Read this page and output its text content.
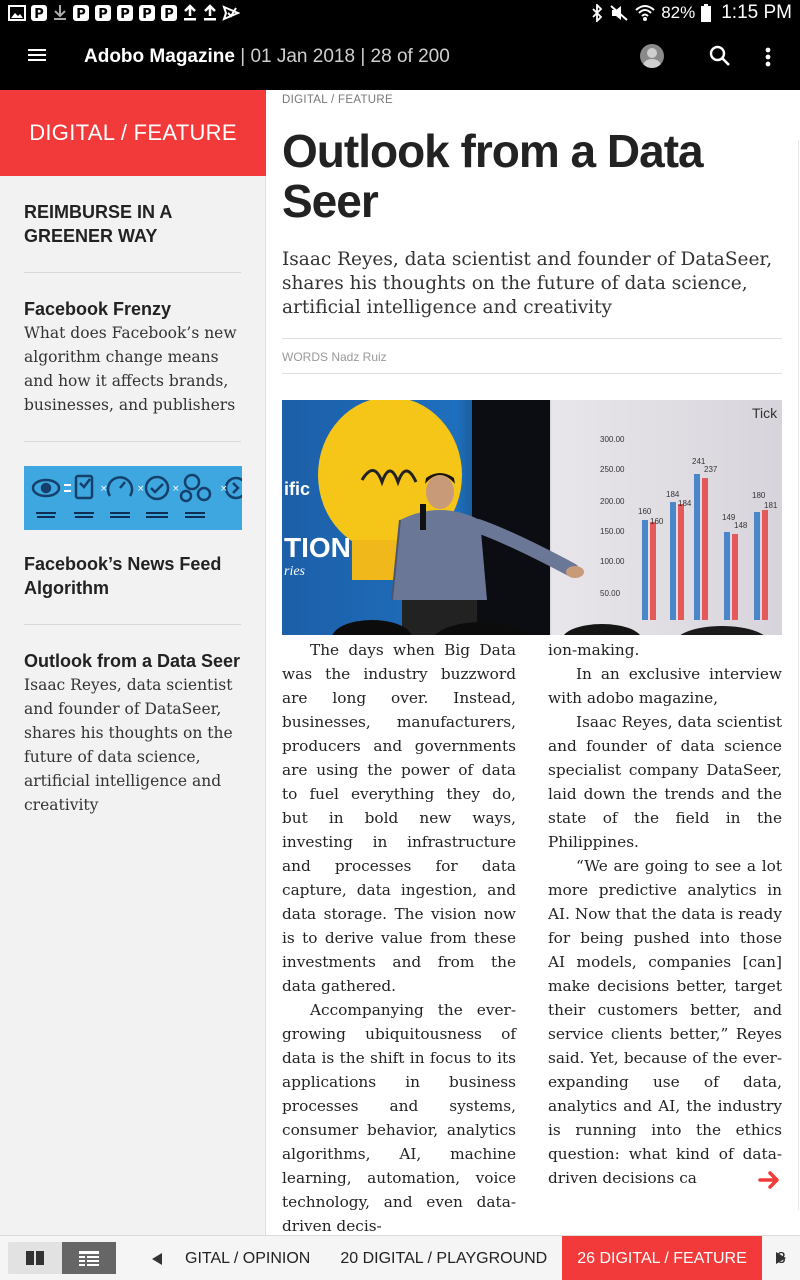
P P P P P P	82% 1:15 PM
Adobo Magazine | 01 Jan 2018 | 28 of 200
DIGITAL / FEATURE
REIMBURSE IN A GREENER WAY
Facebook Frenzy
What does Facebook’s new algorithm change means and how it affects brands, businesses, and publishers
×	×	×	×
Facebook’s News Feed Algorithm
Outlook from a Data Seer
Isaac Reyes, data scientist and founder of DataSeer, shares his thoughts on the future of data science, artificial intelligence and creativity
DIGITAL / FEATURE
Outlook from a Data Seer
Isaac Reyes, data scientist and founder of DataSeer, shares his thoughts on the future of data science, artificial intelligence and creativity
WORDS Nadz Ruiz
ific
TION
ries
Tick
300.00
250.00
200.00
150.00
100.00
50.00
160
160
184
184
241
237
149
148
180
181

The days when Big Data was the industry buzzword are long over. Instead, businesses, manufacturers, producers and governments are using the power of data to fuel everything they do, but in bold new ways, investing in infrastructure and processes for data capture, data ingestion, and data storage. The vision now is to derive value from these investments and from the data gathered.

Accompanying the ever-growing ubiquitousness of data is the shift in focus to its applications in business processes and systems, consumer behavior, analytics algorithms, AI, machine learning, automation, voice technology, and even data-driven decis-

ion-making.

In an exclusive interview with adobo magazine,

Isaac Reyes, data scientist and founder of data science specialist company DataSeer, laid down the trends and the state of the field in the Philippines.

“We are going to see a lot more predictive analytics in AI. Now that the data is ready for being pushed into those AI models, companies [can] make decisions better, target their customers better, and service clients better,” Reyes said. Yet, because of the ever-expanding use of data, analytics and AI, the industry is running into the ethics question: what kind of data-driven decisions ca

GITAL / OPINION	20 DIGITAL / PLAYGROUND	26 DIGITAL / FEATURE	3
